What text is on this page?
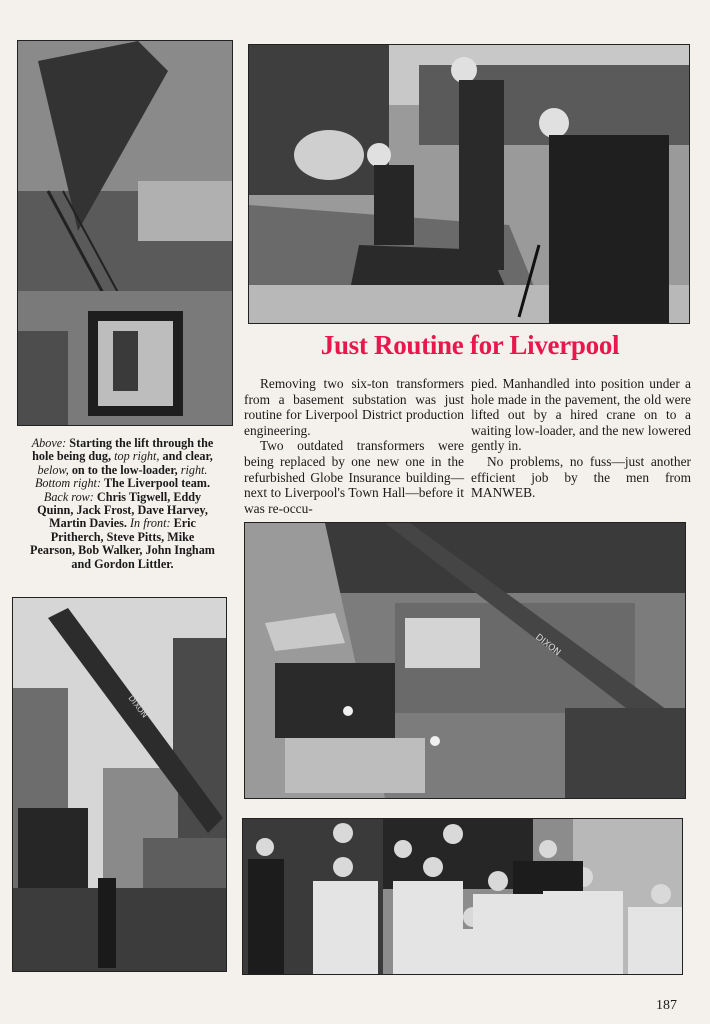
Just Routine for Liverpool

Removing two six-ton transformers from a basement substation was just routine for Liverpool District production engineering.

Two outdated transformers were being replaced by one new one in the refurbished Globe Insurance building—next to Liverpool's Town Hall—before it was re-occu-

pied. Manhandled into position under a hole made in the pavement, the old were lifted out by a hired crane on to a waiting low-loader, and the new lowered gently in.

No problems, no fuss—just another efficient job by the men from MANWEB.

Above: Starting the lift through the hole being dug, top right, and clear, below, on to the low-loader, right. Bottom right: The Liverpool team. Back row: Chris Tigwell, Eddy Quinn, Jack Frost, Dave Harvey, Martin Davies. In front: Eric Pritherch, Steve Pitts, Mike Pearson, Bob Walker, John Ingham and Gordon Littler.
DIXON
DIXON
187
